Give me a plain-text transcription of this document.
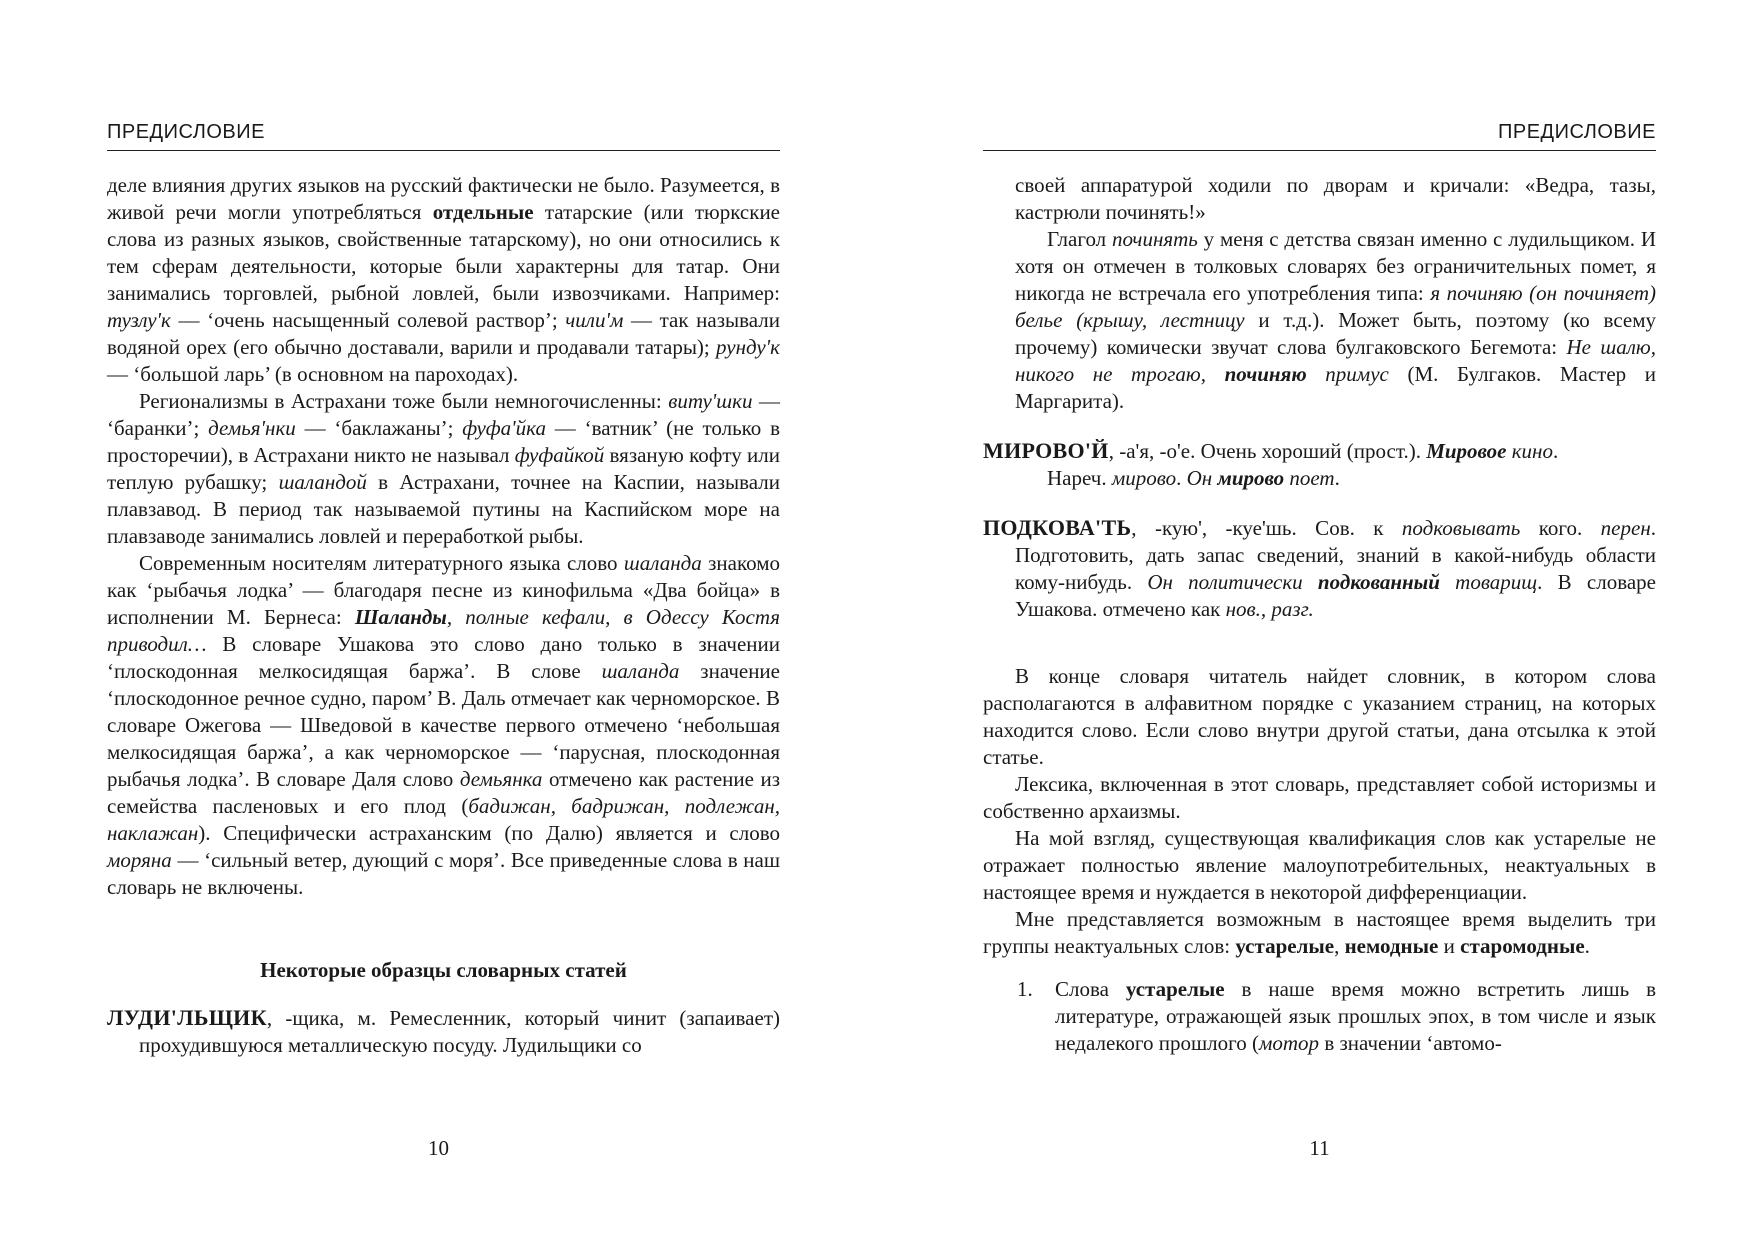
ПРЕДИСЛОВИЕ

деле влияния других языков на русский фактически не было. Разумеется, в живой речи могли употребляться отдельные татарские (или тюркские слова из разных языков, свойственные татарскому), но они относились к тем сферам деятельности, которые были характерны для татар. Они занимались торговлей, рыбной ловлей, были извозчиками. Например: тузлу'к — ‘очень насыщенный солевой раствор’; чили'м — так называли водяной орех (его обычно доставали, варили и продавали татары); рунду'к — ‘большой ларь’ (в основном на пароходах).

Регионализмы в Астрахани тоже были немногочисленны: виту'шки — ‘баранки’; демья'нки — ‘баклажаны’; фуфа'йка — ‘ватник’ (не только в просторечии), в Астрахани никто не называл фуфайкой вязаную кофту или теплую рубашку; шаландой в Астрахани, точнее на Каспии, называли плавзавод. В период так называемой путины на Каспийском море на плавзаводе занимались ловлей и переработкой рыбы.

Современным носителям литературного языка слово шаланда знакомо как ‘рыбачья лодка’ — благодаря песне из кинофильма «Два бойца» в исполнении М. Бернеса: Шаланды, полные кефали, в Одессу Костя приводил… В словаре Ушакова это слово дано только в значении ‘плоскодонная мелкосидящая баржа’. В слове шаланда значение ‘плоскодонное речное судно, паром’ В. Даль отмечает как черноморское. В словаре Ожегова — Шведовой в качестве первого отмечено ‘небольшая мелкосидящая баржа’, а как черноморское — ‘парусная, плоскодонная рыбачья лодка’. В словаре Даля слово демьянка отмечено как растение из семейства пасленовых и его плод (бадижан, бадрижан, подлежан, наклажан). Специфически астраханским (по Далю) является и слово моряна — ‘сильный ветер, дующий с моря’. Все приведенные слова в наш словарь не включены.

Некоторые образцы словарных статей

ЛУДИ'ЛЬЩИК, -щика, м. Ремесленник, который чинит (запаивает) прохудившуюся металлическую посуду. Лудильщики со

10
ПРЕДИСЛОВИЕ

своей аппаратурой ходили по дворам и кричали: «Ведра, тазы, кастрюли починять!»

Глагол починять у меня с детства связан именно с лудильщиком. И хотя он отмечен в толковых словарях без ограничительных помет, я никогда не встречала его употребления типа: я починяю (он починяет) белье (крышу, лестницу и т.д.). Может быть, поэтому (ко всему прочему) комически звучат слова булгаковского Бегемота: Не шалю, никого не трогаю, починяю примус (М. Булгаков. Мастер и Маргарита).

МИРОВО'Й, -а'я, -о'е. Очень хороший (прост.). Мировое кино.

Нареч. мирово. Он мирово поет.

ПОДКОВА'ТЬ, -кую', -куе'шь. Сов. к подковывать кого. перен. Подготовить, дать запас сведений, знаний в какой-нибудь области кому-нибудь. Он политически подкованный товарищ. В словаре Ушакова. отмечено как нов., разг.

В конце словаря читатель найдет словник, в котором слова располагаются в алфавитном порядке с указанием страниц, на которых находится слово. Если слово внутри другой статьи, дана отсылка к этой статье.

Лексика, включенная в этот словарь, представляет собой историзмы и собственно архаизмы.

На мой взгляд, существующая квалификация слов как устарелые не отражает полностью явление малоупотребительных, неактуальных в настоящее время и нуждается в некоторой дифференциации.

Мне представляется возможным в настоящее время выделить три группы неактуальных слов: устарелые, немодные и старомодные.

1. Слова устарелые в наше время можно встретить лишь в литературе, отражающей язык прошлых эпох, в том числе и язык недалекого прошлого (мотор в значении ‘автомо-

11
